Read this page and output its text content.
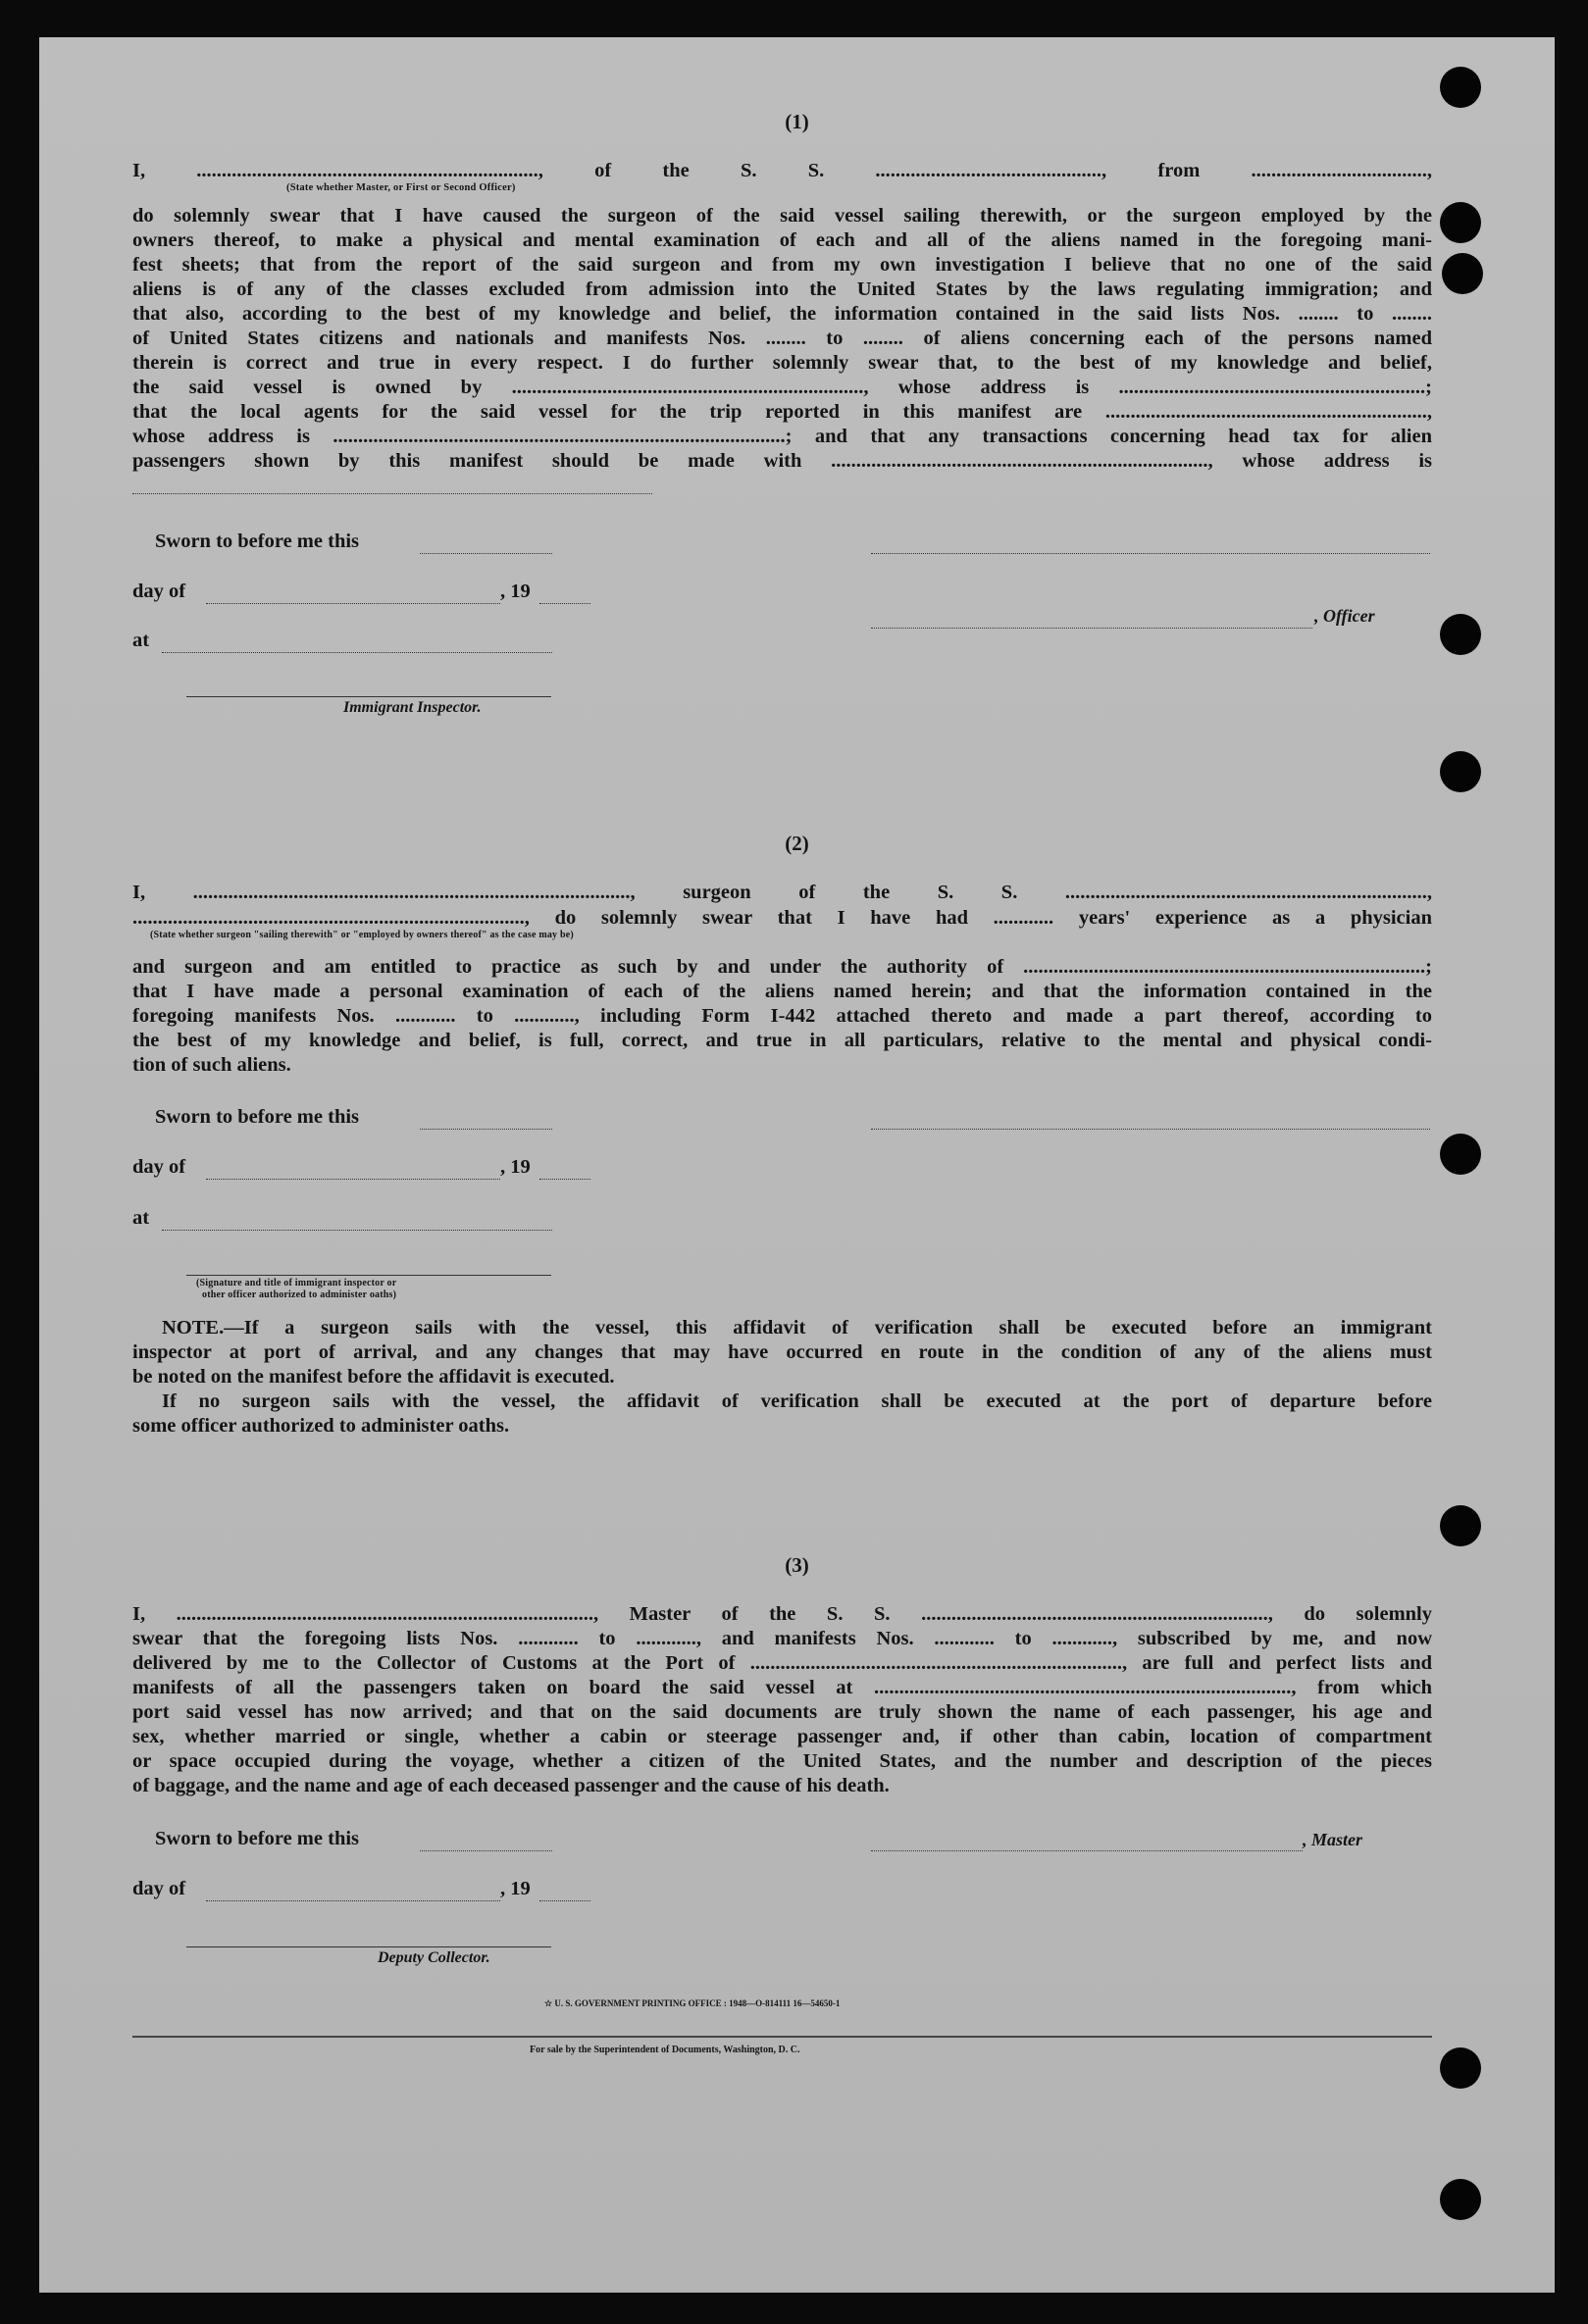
(1)
I, ...................................................................., of the S. S. ............................................., from ...................................,
(State whether Master, or First or Second Officer)
do solemnly swear that I have caused the surgeon of the said vessel sailing therewith, or the surgeon employed by the
owners thereof, to make a physical and mental examination of each and all of the aliens named in the foregoing mani-
fest sheets; that from the report of the said surgeon and from my own investigation I believe that no one of the said
aliens is of any of the classes excluded from admission into the United States by the laws regulating immigration; and
that also, according to the best of my knowledge and belief, the information contained in the said lists Nos. ........ to ........
of United States citizens and nationals and manifests Nos. ........ to ........ of aliens concerning each of the persons named
therein is correct and true in every respect. I do further solemnly swear that, to the best of my knowledge and belief,
the said vessel is owned by ......................................................................, whose address is .............................................................;
that the local agents for the said vessel for the trip reported in this manifest are ................................................................,
whose address is ..........................................................................................; and that any transactions concerning head tax for alien
passengers shown by this manifest should be made with ..........................................................................., whose address is
Sworn to before me this
day of	, 19
, Officer
at
Immigrant Inspector.
(2)
I, ......................................................................................., surgeon of the S. S. ........................................................................,
.............................................................................., do solemnly swear that I have had ............ years' experience as a physician
(State whether surgeon "sailing therewith" or "employed by owners thereof" as the case may be)
and surgeon and am entitled to practice as such by and under the authority of ................................................................................;
that I have made a personal examination of each of the aliens named herein; and that the information contained in the
foregoing manifests Nos. ............ to ............, including Form I-442 attached thereto and made a part thereof, according to
the best of my knowledge and belief, is full, correct, and true in all particulars, relative to the mental and physical condi-
tion of such aliens.
Sworn to before me this
day of	, 19
at
(Signature and title of immigrant inspector or
other officer authorized to administer oaths)
NOTE.—If a surgeon sails with the vessel, this affidavit of verification shall be executed before an immigrant
inspector at port of arrival, and any changes that may have occurred en route in the condition of any of the aliens must
be noted on the manifest before the affidavit is executed.
If no surgeon sails with the vessel, the affidavit of verification shall be executed at the port of departure before
some officer authorized to administer oaths.
(3)
I, ..................................................................................., Master of the S. S. ....................................................................., do solemnly
swear that the foregoing lists Nos. ............ to ............, and manifests Nos. ............ to ............, subscribed by me, and now
delivered by me to the Collector of Customs at the Port of .........................................................................., are full and perfect lists and
manifests of all the passengers taken on board the said vessel at ..................................................................................., from which
port said vessel has now arrived; and that on the said documents are truly shown the name of each passenger, his age and
sex, whether married or single, whether a cabin or steerage passenger and, if other than cabin, location of compartment
or space occupied during the voyage, whether a citizen of the United States, and the number and description of the pieces
of baggage, and the name and age of each deceased passenger and the cause of his death.
Sworn to before me this	, Master
day of	, 19
Deputy Collector.
☆ U. S. GOVERNMENT PRINTING OFFICE : 1948—O-814111 16—54650-1
For sale by the Superintendent of Documents, Washington, D. C.
